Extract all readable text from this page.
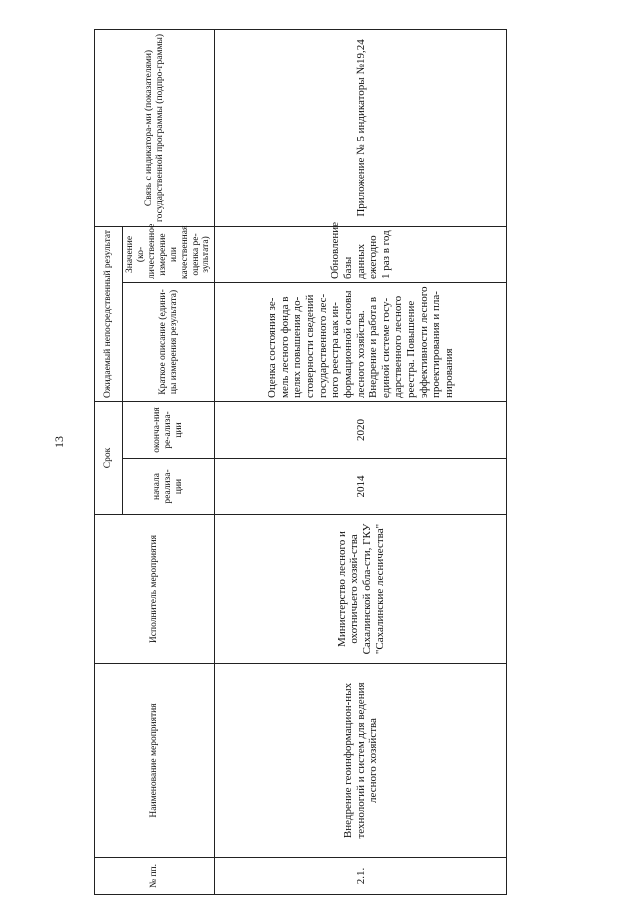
13
№ пп.	Наименование мероприятия	Исполнитель мероприятия	Срок		Ожидаемый непосредственный результат		Связь с индикатора-ми (показателями) государственной программы (подпро-граммы)
			начала реализа-ции	оконча-ния ре-ализа-ции	Краткое описание (едини-цы измерения результата)	Значение (ко-личественное измерение или качественная оценка ре-зультата)	

2.1.	Внедрение геоинформацион-ных технологий и систем для ведения лесного хозяйства	Министерство лесного и охотничьего хозяй-ства Сахалинской обла-сти, ГКУ "Сахалинские лесничества"	2014	2020	Оценка состояния зе-мель лесного фонда в целях повышения до-стоверности сведений государственного лес-ного реестра как ин-формационной основы лесного хозяйства. Внедрение и работа в единой системе госу-дарственного лесного реестра. Повышение эффективности лесного проектирования и пла-нирования	Обновление базы данных ежегодно 1 раз в год	Приложение № 5 индикаторы №19,24
